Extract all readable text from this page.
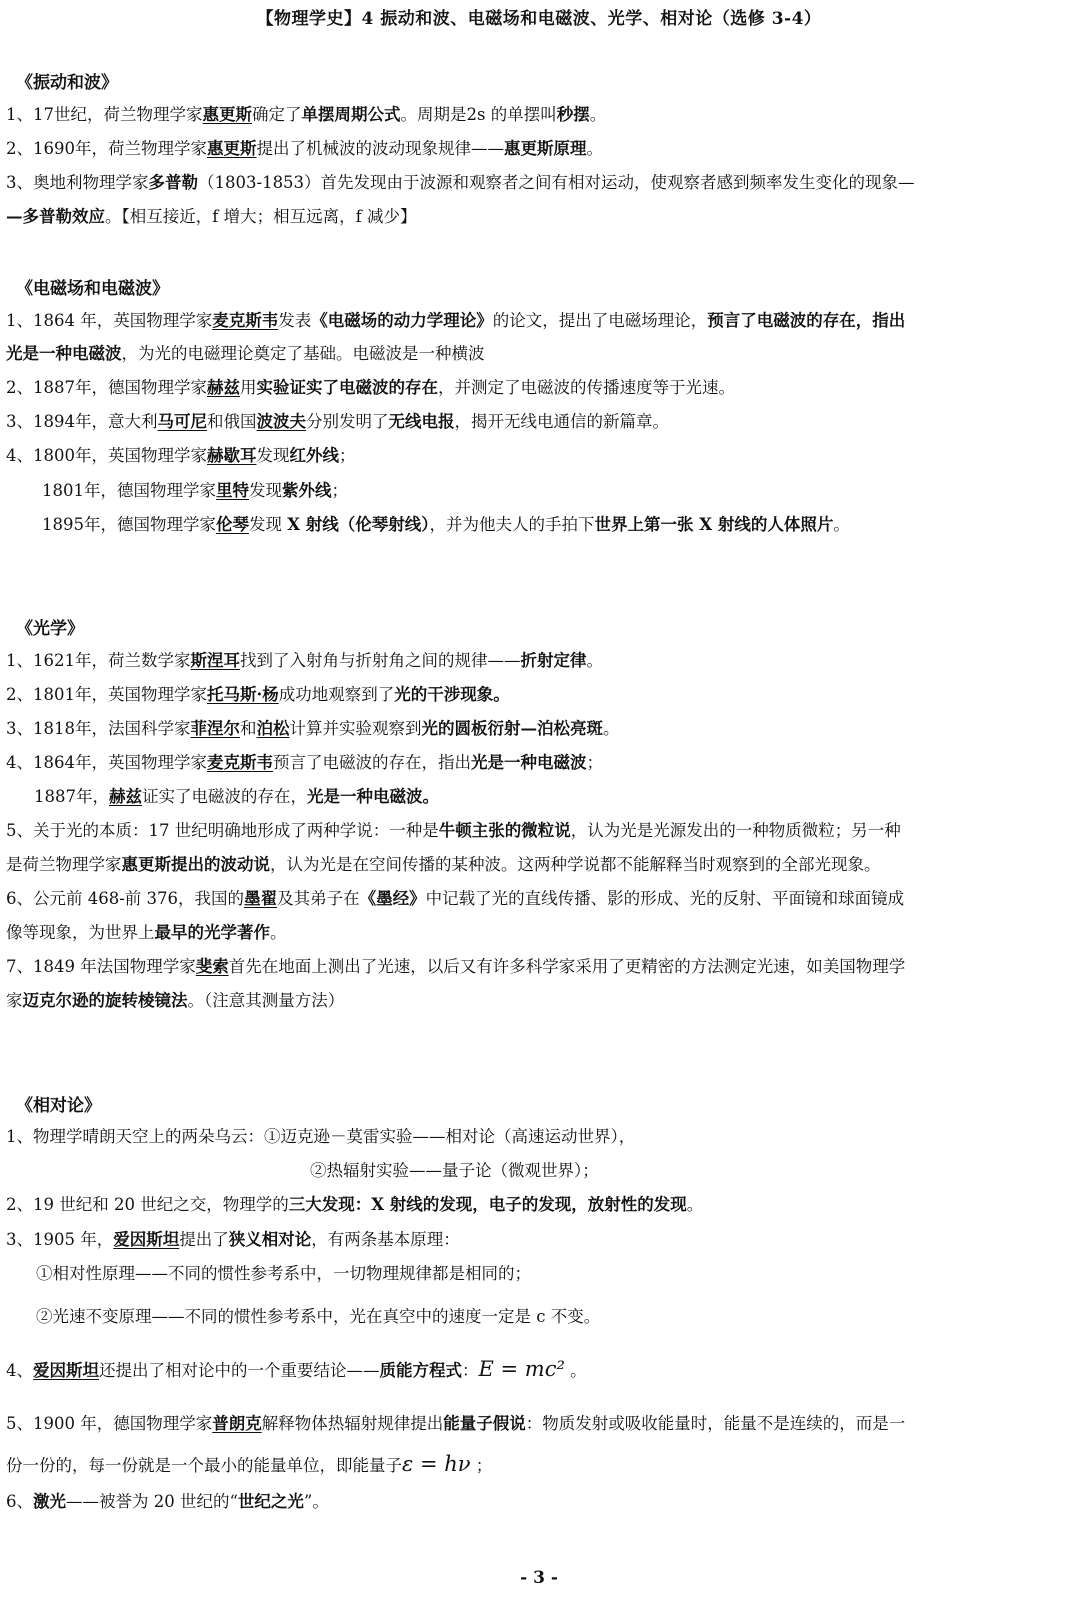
【物理学史】4 振动和波、电磁场和电磁波、光学、相对论（选修 3-4）
《振动和波》
1、17世纪，荷兰物理学家惠更斯确定了单摆周期公式。周期是2s 的单摆叫秒摆。
2、1690年，荷兰物理学家惠更斯提出了机械波的波动现象规律——惠更斯原理。
3、奥地利物理学家多普勒（1803-1853）首先发现由于波源和观察者之间有相对运动，使观察者感到频率发生变化的现象—
—多普勒效应。【相互接近，f 增大；相互远离，f 减少】
《电磁场和电磁波》
1、1864 年，英国物理学家麦克斯韦发表《电磁场的动力学理论》的论文，提出了电磁场理论，预言了电磁波的存在，指出
光是一种电磁波，为光的电磁理论奠定了基础。电磁波是一种横波
2、1887年，德国物理学家赫兹用实验证实了电磁波的存在，并测定了电磁波的传播速度等于光速。
3、1894年，意大利马可尼和俄国波波夫分别发明了无线电报，揭开无线电通信的新篇章。
4、1800年，英国物理学家赫歇耳发现红外线；
1801年，德国物理学家里特发现紫外线；
1895年，德国物理学家伦琴发现 X 射线（伦琴射线），并为他夫人的手拍下世界上第一张 X 射线的人体照片。
《光学》
1、1621年，荷兰数学家斯涅耳找到了入射角与折射角之间的规律——折射定律。
2、1801年，英国物理学家托马斯·杨成功地观察到了光的干涉现象。
3、1818年，法国科学家菲涅尔和泊松计算并实验观察到光的圆板衍射—泊松亮斑。
4、1864年，英国物理学家麦克斯韦预言了电磁波的存在，指出光是一种电磁波；
1887年，赫兹证实了电磁波的存在，光是一种电磁波。
5、关于光的本质：17 世纪明确地形成了两种学说：一种是牛顿主张的微粒说，认为光是光源发出的一种物质微粒；另一种
是荷兰物理学家惠更斯提出的波动说，认为光是在空间传播的某种波。这两种学说都不能解释当时观察到的全部光现象。
6、公元前 468-前 376，我国的墨翟及其弟子在《墨经》中记载了光的直线传播、影的形成、光的反射、平面镜和球面镜成
像等现象，为世界上最早的光学著作。
7、1849 年法国物理学家斐索首先在地面上测出了光速，以后又有许多科学家采用了更精密的方法测定光速，如美国物理学
家迈克尔逊的旋转棱镜法。（注意其测量方法）
《相对论》
1、物理学晴朗天空上的两朵乌云：①迈克逊－莫雷实验——相对论（高速运动世界），
②热辐射实验——量子论（微观世界）；
2、19 世纪和 20 世纪之交，物理学的三大发现：X 射线的发现，电子的发现，放射性的发现。
3、1905 年，爱因斯坦提出了狭义相对论，有两条基本原理：
①相对性原理——不同的惯性参考系中，一切物理规律都是相同的；
②光速不变原理——不同的惯性参考系中，光在真空中的速度一定是 c 不变。
4、爱因斯坦还提出了相对论中的一个重要结论——质能方程式：E = mc² 。
5、1900 年，德国物理学家普朗克解释物体热辐射规律提出能量子假说：物质发射或吸收能量时，能量不是连续的，而是一
份一份的，每一份就是一个最小的能量单位，即能量子ε = hν ；
6、激光——被誉为 20 世纪的“世纪之光”。
- 3 -
